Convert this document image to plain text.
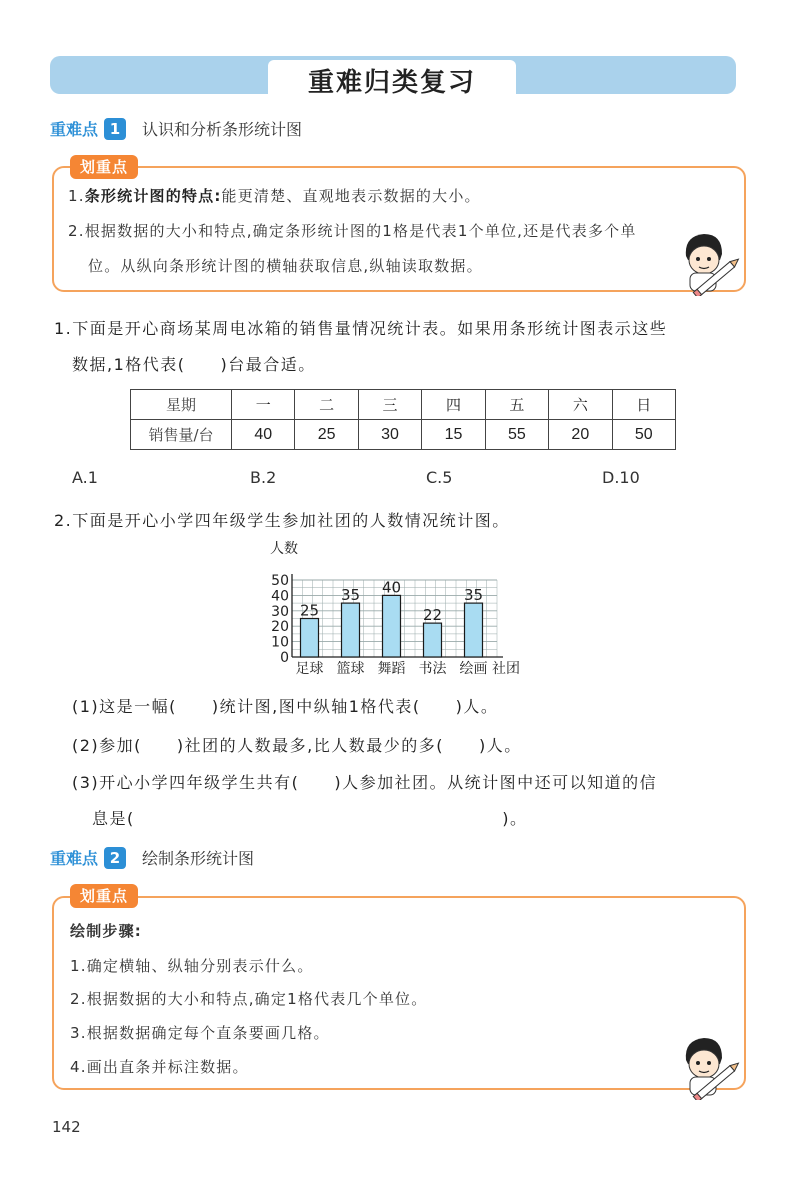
重难归类复习
重难点 1	认识和分析条形统计图
划重点
1.条形统计图的特点:能更清楚、直观地表示数据的大小。
2.根据数据的大小和特点,确定条形统计图的1格是代表1个单位,还是代表多个单
位。从纵向条形统计图的横轴获取信息,纵轴读取数据。
1.下面是开心商场某周电冰箱的销售量情况统计表。如果用条形统计图表示这些
数据,1格代表(　　)台最合适。
星期	一	二	三	四	五	六	日
销售量/台	40	25	30	15	55	20	50
A.1	B.2	C.5	D.10
2.下面是开心小学四年级学生参加社团的人数情况统计图。
人数
25
35 40
22
35
0
10
20
30
40
50
足球 篮球 舞蹈 书法 绘画 社团
(1)这是一幅(　　)统计图,图中纵轴1格代表(　　)人。
(2)参加(　　)社团的人数最多,比人数最少的多(　　)人。
(3)开心小学四年级学生共有(　　)人参加社团。从统计图中还可以知道的信
息是(　　　　　　　　　　　　　　　　　　　　　)。
重难点 2	绘制条形统计图
划重点
绘制步骤:
1.确定横轴、纵轴分别表示什么。
2.根据数据的大小和特点,确定1格代表几个单位。
3.根据数据确定每个直条要画几格。
4.画出直条并标注数据。
142
